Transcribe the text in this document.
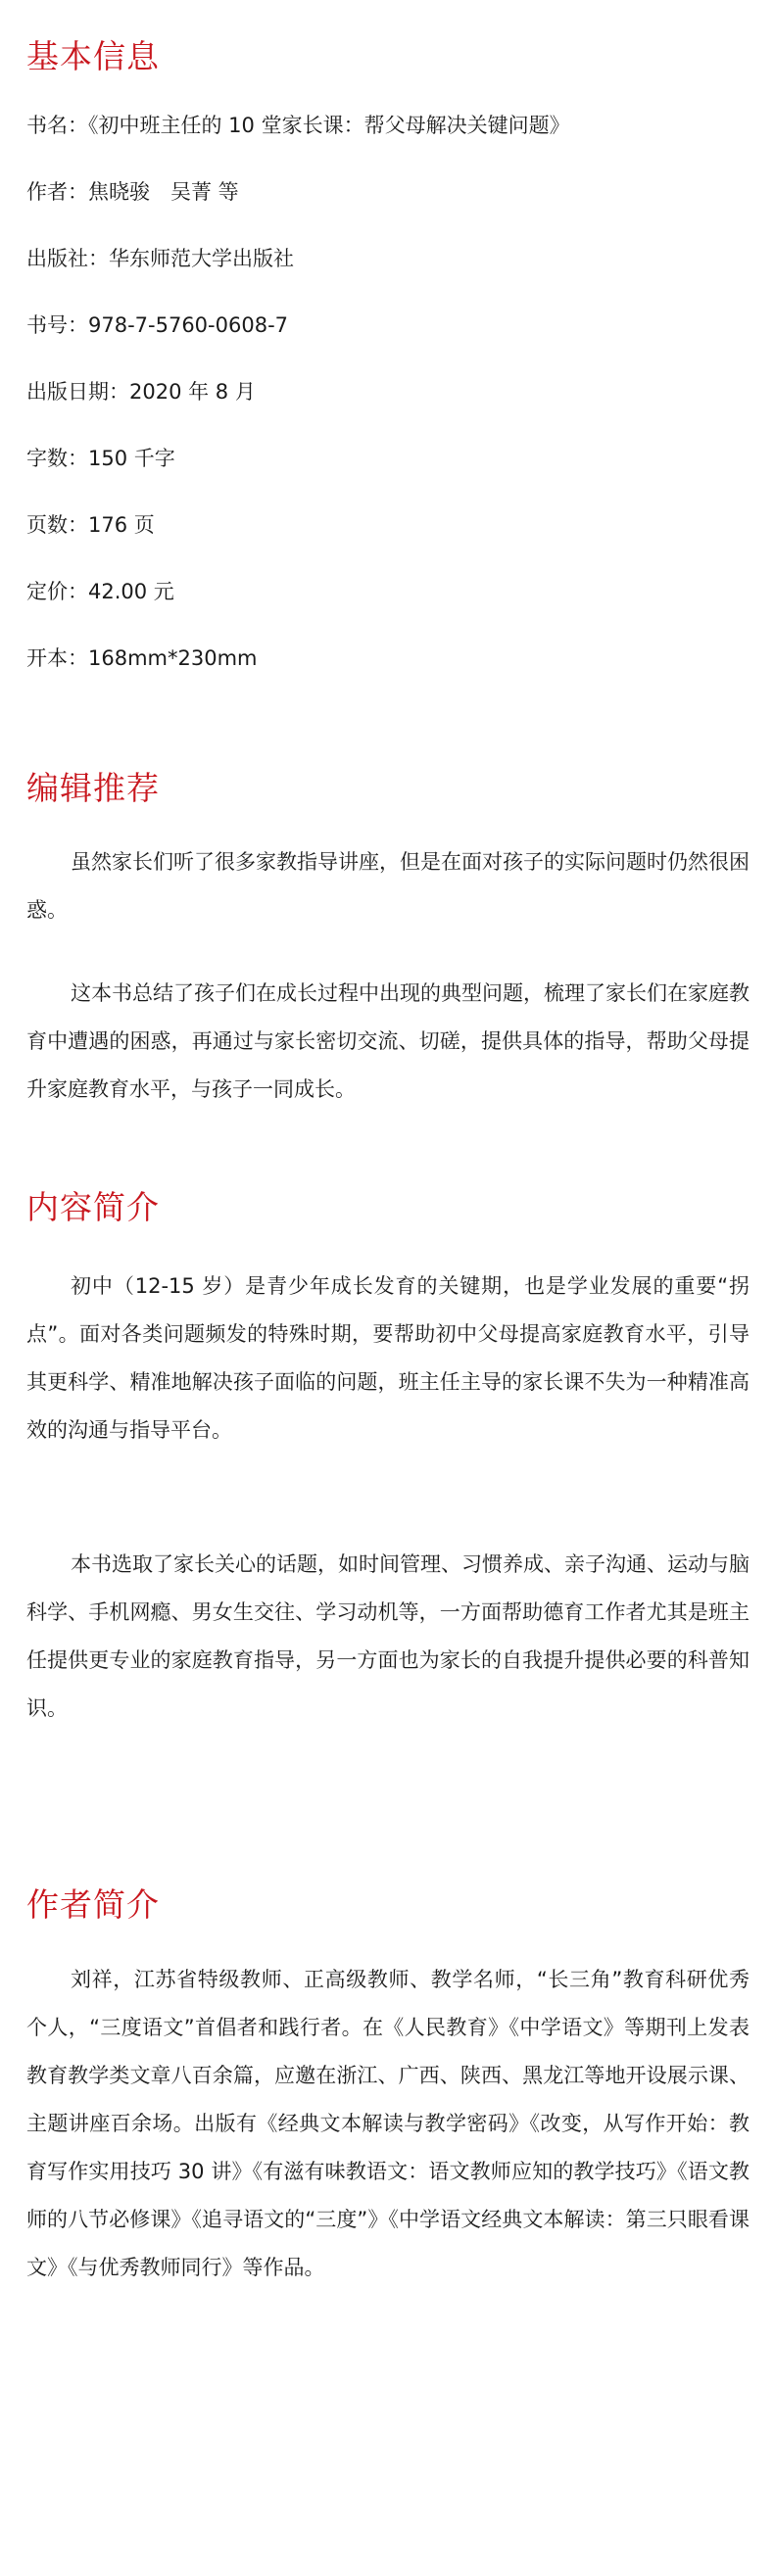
基本信息

书名：《初中班主任的 10 堂家长课：帮父母解决关键问题》

作者：焦晓骏　吴菁 等

出版社：华东师范大学出版社

书号：978-7-5760-0608-7

出版日期：2020 年 8 月

字数：150 千字

页数：176 页

定价：42.00 元

开本：168mm*230mm

编辑推荐

虽然家长们听了很多家教指导讲座，但是在面对孩子的实际问题时仍然很困惑。

这本书总结了孩子们在成长过程中出现的典型问题，梳理了家长们在家庭教育中遭遇的困惑，再通过与家长密切交流、切磋，提供具体的指导，帮助父母提升家庭教育水平，与孩子一同成长。

内容简介

初中（12-15 岁）是青少年成长发育的关键期，也是学业发展的重要“拐点”。面对各类问题频发的特殊时期，要帮助初中父母提高家庭教育水平，引导其更科学、精准地解决孩子面临的问题，班主任主导的家长课不失为一种精准高效的沟通与指导平台。

本书选取了家长关心的话题，如时间管理、习惯养成、亲子沟通、运动与脑科学、手机网瘾、男女生交往、学习动机等，一方面帮助德育工作者尤其是班主任提供更专业的家庭教育指导，另一方面也为家长的自我提升提供必要的科普知识。

作者简介

刘祥，江苏省特级教师、正高级教师、教学名师，“长三角”教育科研优秀个人，“三度语文”首倡者和践行者。在《人民教育》《中学语文》等期刊上发表教育教学类文章八百余篇，应邀在浙江、广西、陕西、黑龙江等地开设展示课、主题讲座百余场。出版有《经典文本解读与教学密码》《改变，从写作开始：教育写作实用技巧 30 讲》《有滋有味教语文：语文教师应知的教学技巧》《语文教师的八节必修课》《追寻语文的“三度”》《中学语文经典文本解读：第三只眼看课文》《与优秀教师同行》等作品。
